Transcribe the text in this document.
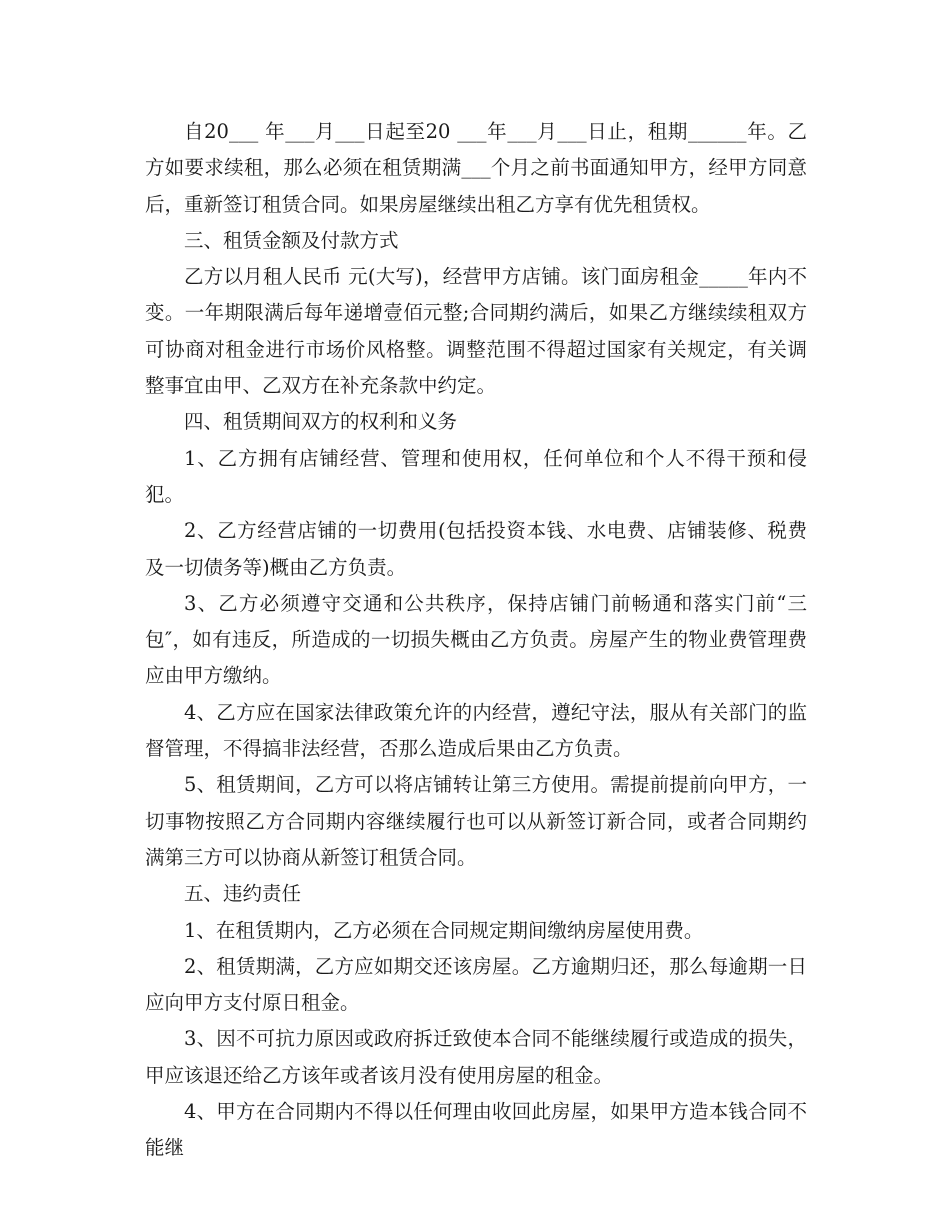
自20___ 年___月___日起至20 ___年___月___日止，租期______年。乙方如要求续租，那么必须在租赁期满___个月之前书面通知甲方，经甲方同意后，重新签订租赁合同。如果房屋继续出租乙方享有优先租赁权。

三、租赁金额及付款方式

乙方以月租人民币 元(大写)，经营甲方店铺。该门面房租金_____年内不变。一年期限满后每年递增壹佰元整;合同期约满后，如果乙方继续续租双方可协商对租金进行市场价风格整。调整范围不得超过国家有关规定，有关调整事宜由甲、乙双方在补充条款中约定。

四、租赁期间双方的权利和义务

1、乙方拥有店铺经营、管理和使用权，任何单位和个人不得干预和侵犯。

2、乙方经营店铺的一切费用(包括投资本钱、水电费、店铺装修、税费及一切债务等)概由乙方负责。

3、乙方必须遵守交通和公共秩序，保持店铺门前畅通和落实门前“三包″，如有违反，所造成的一切损失概由乙方负责。房屋产生的物业费管理费应由甲方缴纳。

4、乙方应在国家法律政策允许的内经营，遵纪守法，服从有关部门的监督管理，不得搞非法经营，否那么造成后果由乙方负责。

5、租赁期间，乙方可以将店铺转让第三方使用。需提前提前向甲方，一切事物按照乙方合同期内容继续履行也可以从新签订新合同，或者合同期约满第三方可以协商从新签订租赁合同。

五、违约责任

1、在租赁期内，乙方必须在合同规定期间缴纳房屋使用费。

2、租赁期满，乙方应如期交还该房屋。乙方逾期归还，那么每逾期一日应向甲方支付原日租金。

3、因不可抗力原因或政府拆迁致使本合同不能继续履行或造成的损失，甲应该退还给乙方该年或者该月没有使用房屋的租金。

4、甲方在合同期内不得以任何理由收回此房屋，如果甲方造本钱合同不能继
